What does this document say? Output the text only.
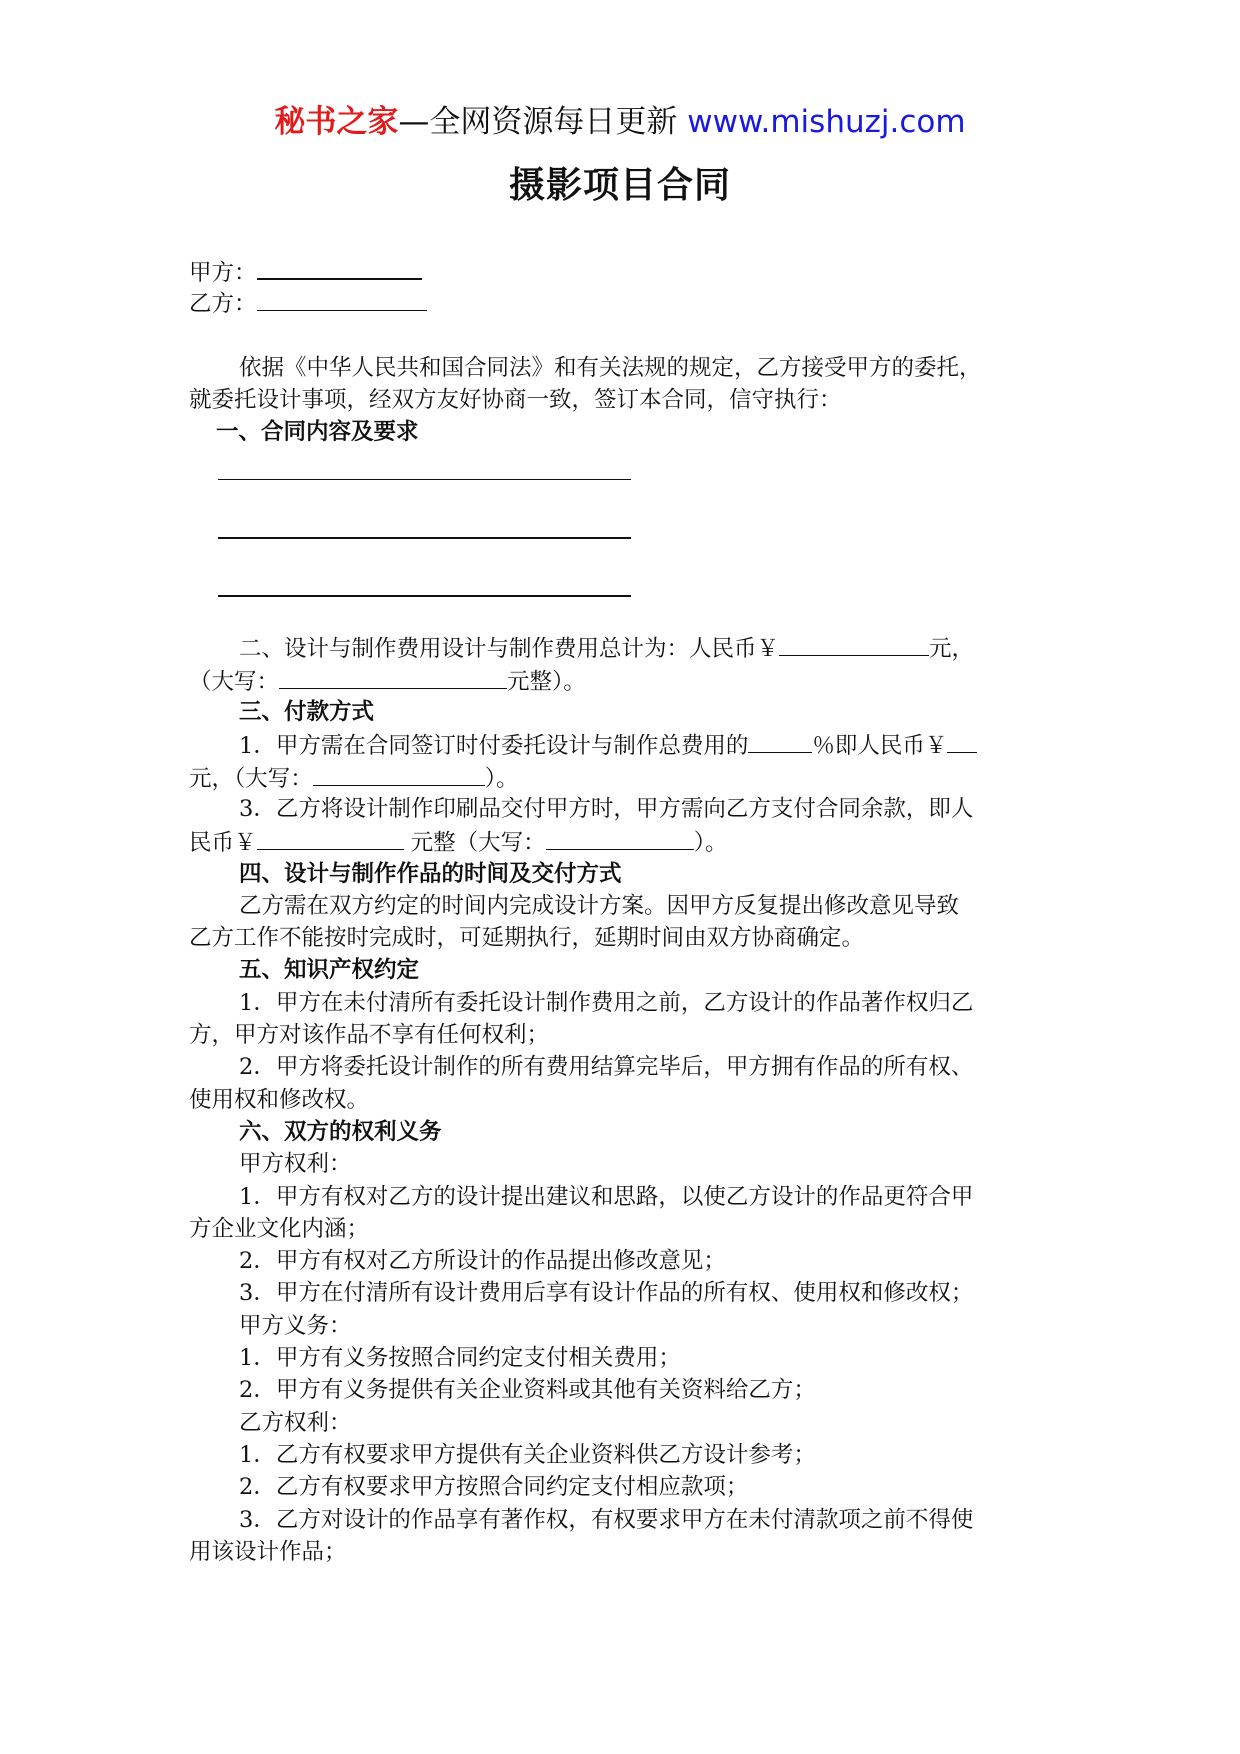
秘书之家—全网资源每日更新 www.mishuzj.com
摄影项目合同
甲方：
乙方：
依据《中华人民共和国合同法》和有关法规的规定，乙方接受甲方的委托，
就委托设计事项，经双方友好协商一致，签订本合同，信守执行：
一、合同内容及要求
二、设计与制作费用设计与制作费用总计为：人民币￥	元，
（大写：	元整）。
三、付款方式
1．甲方需在合同签订时付委托设计与制作总费用的	％即人民币￥
元，（大写：	）。
3．乙方将设计制作印刷品交付甲方时，甲方需向乙方支付合同余款，即人
民币￥	元整（大写：	）。
四、设计与制作作品的时间及交付方式
乙方需在双方约定的时间内完成设计方案。因甲方反复提出修改意见导致
乙方工作不能按时完成时，可延期执行，延期时间由双方协商确定。
五、知识产权约定
1．甲方在未付清所有委托设计制作费用之前，乙方设计的作品著作权归乙
方，甲方对该作品不享有任何权利；
2．甲方将委托设计制作的所有费用结算完毕后，甲方拥有作品的所有权、
使用权和修改权。
六、双方的权利义务
甲方权利：
1．甲方有权对乙方的设计提出建议和思路，以使乙方设计的作品更符合甲
方企业文化内涵；
2．甲方有权对乙方所设计的作品提出修改意见；
3．甲方在付清所有设计费用后享有设计作品的所有权、使用权和修改权；
甲方义务：
1．甲方有义务按照合同约定支付相关费用；
2．甲方有义务提供有关企业资料或其他有关资料给乙方；
乙方权利：
1．乙方有权要求甲方提供有关企业资料供乙方设计参考；
2．乙方有权要求甲方按照合同约定支付相应款项；
3．乙方对设计的作品享有著作权，有权要求甲方在未付清款项之前不得使
用该设计作品；
